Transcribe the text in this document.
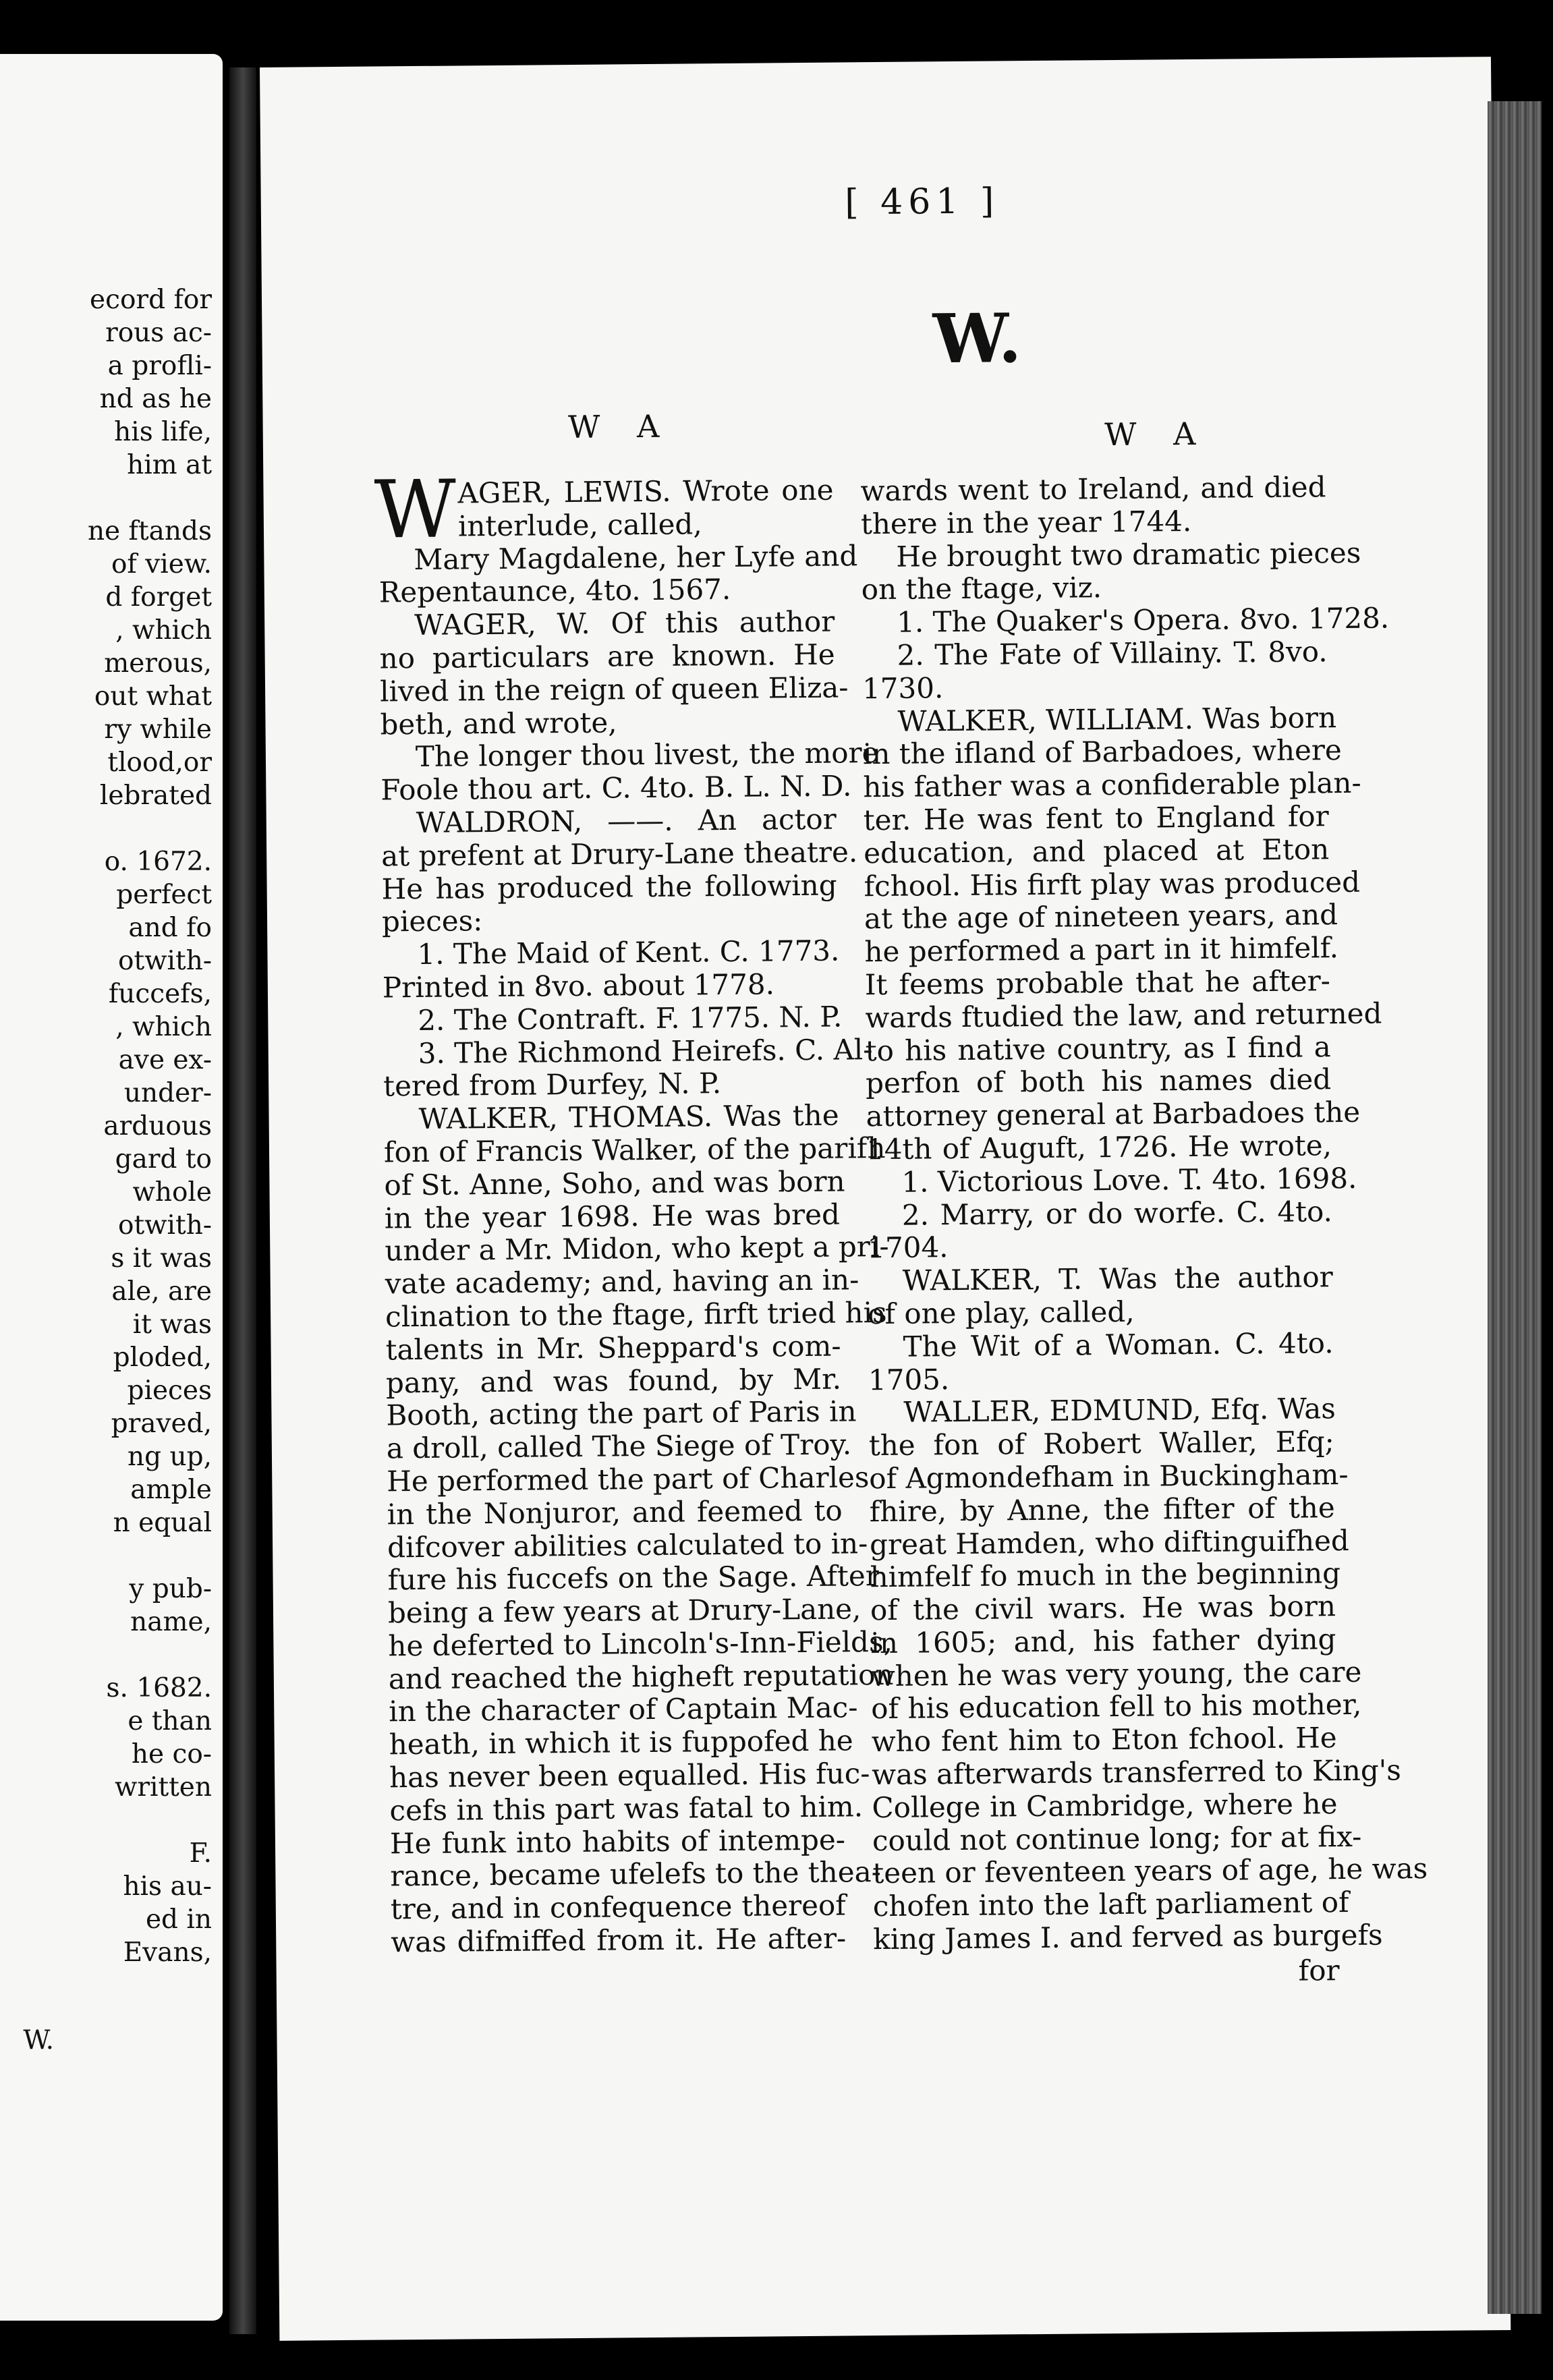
ecord for
rous ac-
a profli-
nd as he
his life,
him at
ne ftands
of view.
d forget
, which
merous,
out what
ry while
tlood,or
lebrated
o. 1672.
perfect
and fo
otwith-
fuccefs,
, which
ave ex-
under-
arduous
gard to
whole
otwith-
s it was
ale, are
it was
ploded,
pieces
praved,
ng up,
ample
n equal
y pub-
name,
s. 1682.
e than
he co-
written
F.
his au-
ed in
Evans,
W.
[ 461 ]
W.
W A	W A
W AGER, LEWIS. Wrote one
interlude, called,
Mary Magdalene, her Lyfe and
Repentaunce, 4to. 1567.
WAGER, W. Of this author
no particulars are known. He
lived in the reign of queen Eliza-
beth, and wrote,
The longer thou livest, the more
Foole thou art. C. 4to. B. L. N. D.
WALDRON, ——. An actor
at prefent at Drury-Lane theatre.
He has produced the following
pieces:
1. The Maid of Kent. C. 1773.
Printed in 8vo. about 1778.
2. The Contraft. F. 1775. N. P.
3. The Richmond Heirefs. C. Al-
tered from Durfey, N. P.
WALKER, THOMAS. Was the
fon of Francis Walker, of the parifh
of St. Anne, Soho, and was born
in the year 1698. He was bred
under a Mr. Midon, who kept a pri-
vate academy; and, having an in-
clination to the ftage, firft tried his
talents in Mr. Sheppard's com-
pany, and was found, by Mr.
Booth, acting the part of Paris in
a droll, called The Siege of Troy.
He performed the part of Charles
in the Nonjuror, and feemed to
difcover abilities calculated to in-
fure his fuccefs on the Sage. After
being a few years at Drury-Lane,
he deferted to Lincoln's-Inn-Fields,
and reached the higheft reputation
in the character of Captain Mac-
heath, in which it is fuppofed he
has never been equalled. His fuc-
cefs in this part was fatal to him.
He funk into habits of intempe-
rance, became ufelefs to the thea-
tre, and in confequence thereof
was difmiffed from it. He after-
wards went to Ireland, and died
there in the year 1744.
He brought two dramatic pieces
on the ftage, viz.
1. The Quaker's Opera. 8vo. 1728.
2. The Fate of Villainy. T. 8vo.
1730.
WALKER, WILLIAM. Was born
in the ifland of Barbadoes, where
his father was a confiderable plan-
ter. He was fent to England for
education, and placed at Eton
fchool. His firft play was produced
at the age of nineteen years, and
he performed a part in it himfelf.
It feems probable that he after-
wards ftudied the law, and returned
to his native country, as I find a
perfon of both his names died
attorney general at Barbadoes the
14th of Auguft, 1726. He wrote,
1. Victorious Love. T. 4to. 1698.
2. Marry, or do worfe. C. 4to.
1704.
WALKER, T. Was the author
of one play, called,
The Wit of a Woman. C. 4to.
1705.
WALLER, EDMUND, Efq. Was
the fon of Robert Waller, Efq;
of Agmondefham in Buckingham-
fhire, by Anne, the fifter of the
great Hamden, who diftinguifhed
himfelf fo much in the beginning
of the civil wars. He was born
in 1605; and, his father dying
when he was very young, the care
of his education fell to his mother,
who fent him to Eton fchool. He
was afterwards transferred to King's
College in Cambridge, where he
could not continue long; for at fix-
teen or feventeen years of age, he was
chofen into the laft parliament of
king James I. and ferved as burgefs
for
